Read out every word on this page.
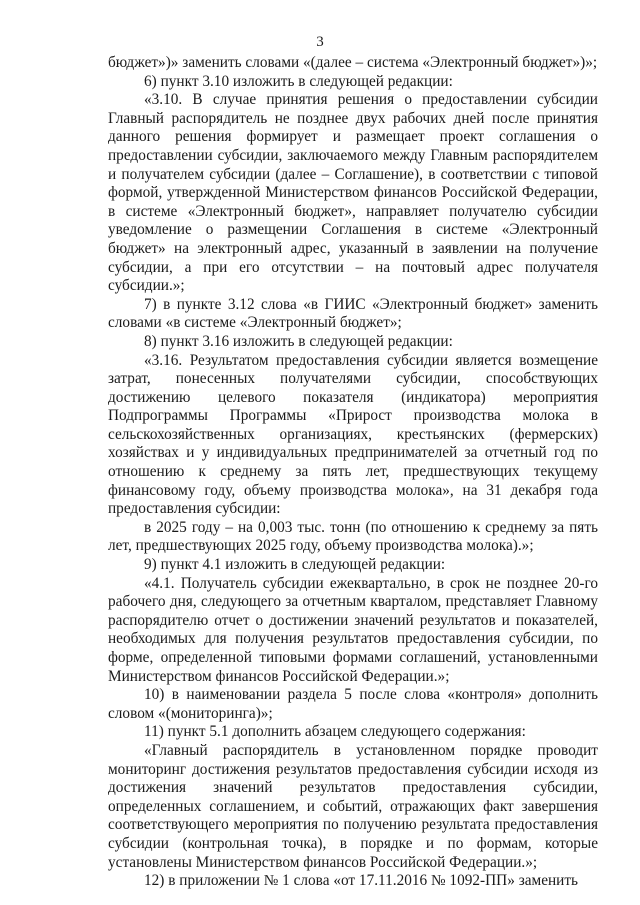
3

бюджет»)» заменить словами «(далее – система «Электронный бюджет»)»;

6) пункт 3.10 изложить в следующей редакции:

«3.10. В случае принятия решения о предоставлении субсидии Главный распорядитель не позднее двух рабочих дней после принятия данного решения формирует и размещает проект соглашения о предоставлении субсидии, заключаемого между Главным распорядителем и получателем субсидии (далее – Соглашение), в соответствии с типовой формой, утвержденной Министерством финансов Российской Федерации, в системе «Электронный бюджет», направляет получателю субсидии уведомление о размещении Соглашения в системе «Электронный бюджет» на электронный адрес, указанный в заявлении на получение субсидии, а при его отсутствии – на почтовый адрес получателя субсидии.»;

7) в пункте 3.12 слова «в ГИИС «Электронный бюджет» заменить словами «в системе «Электронный бюджет»;

8) пункт 3.16 изложить в следующей редакции:

«3.16. Результатом предоставления субсидии является возмещение затрат, понесенных получателями субсидии, способствующих достижению целевого показателя (индикатора) мероприятия Подпрограммы Программы «Прирост производства молока в сельскохозяйственных организациях, крестьянских (фермерских) хозяйствах и у индивидуальных предпринимателей за отчетный год по отношению к среднему за пять лет, предшествующих текущему финансовому году, объему производства молока», на 31 декабря года предоставления субсидии:

в 2025 году – на 0,003 тыс. тонн (по отношению к среднему за пять лет, предшествующих 2025 году, объему производства молока).»;

9) пункт 4.1 изложить в следующей редакции:

«4.1. Получатель субсидии ежеквартально, в срок не позднее 20-го рабочего дня, следующего за отчетным кварталом, представляет Главному распорядителю отчет о достижении значений результатов и показателей, необходимых для получения результатов предоставления субсидии, по форме, определенной типовыми формами соглашений, установленными Министерством финансов Российской Федерации.»;

10) в наименовании раздела 5 после слова «контроля» дополнить словом «(мониторинга)»;

11) пункт 5.1 дополнить абзацем следующего содержания:

«Главный распорядитель в установленном порядке проводит мониторинг достижения результатов предоставления субсидии исходя из достижения значений результатов предоставления субсидии, определенных соглашением, и событий, отражающих факт завершения соответствующего мероприятия по получению результата предоставления субсидии (контрольная точка), в порядке и по формам, которые установлены Министерством финансов Российской Федерации.»;

12) в приложении № 1 слова «от 17.11.2016 № 1092-ПП» заменить
